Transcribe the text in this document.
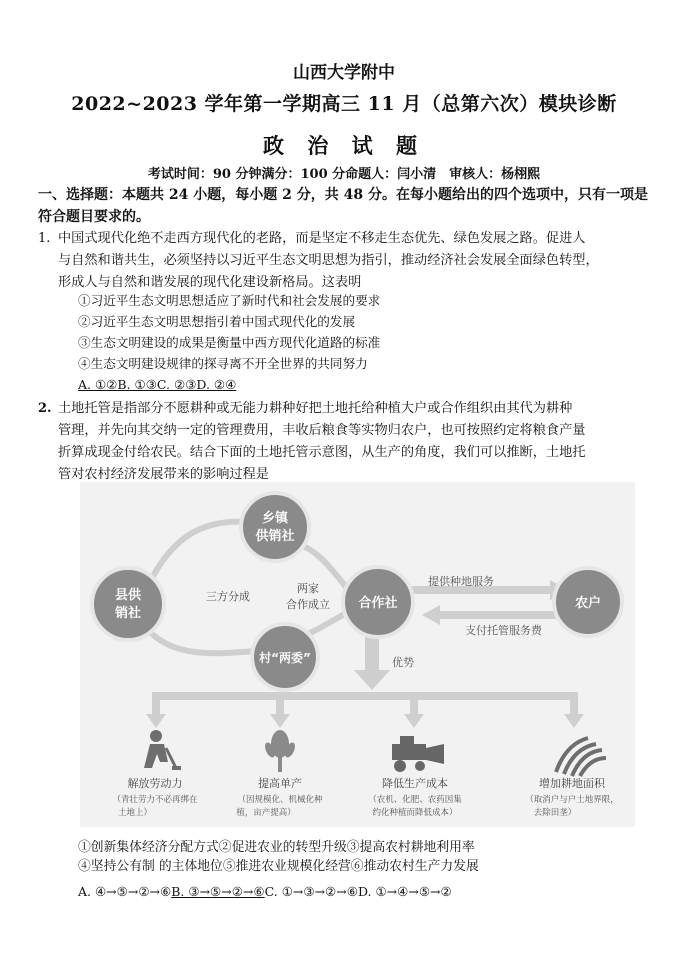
山西大学附中
2022~2023 学年第一学期高三 11 月（总第六次）模块诊断
政 治 试 题
考试时间：90 分钟满分：100 分命题人：闫小清　审核人：杨栩熙
一、选择题：本题共 24 小题，每小题 2 分，共 48 分。在每小题给出的四个选项中，只有一项是符合题目要求的。
1. 中国式现代化绝不走西方现代化的老路，而是坚定不移走生态优先、绿色发展之路。促进人
与自然和谐共生，必须坚持以习近平生态文明思想为指引，推动经济社会发展全面绿色转型，
形成人与自然和谐发展的现代化建设新格局。这表明
①习近平生态文明思想适应了新时代和社会发展的要求
②习近平生态文明思想指引着中国式现代化的发展
③生态文明建设的成果是衡量中西方现代化道路的标准
④生态文明建设规律的探寻离不开全世界的共同努力
A. ①②B. ①③C. ②③D. ②④
2. 土地托管是指部分不愿耕种或无能力耕种好把土地托给种植大户或合作组织由其代为耕种
管理，并先向其交纳一定的管理费用，丰收后粮食等实物归农户，也可按照约定将粮食产量
折算成现金付给农民。结合下面的土地托管示意图，从生产的角度，我们可以推断，土地托
管对农村经济发展带来的影响过程是
乡镇
供销社
县供
销社
村“两委”
合作社	农户
三方分成
两家
合作成立
提供种地服务
支付托管服务费
优势
解放劳动力
（青壮劳力不必再绑在
土地上）
提高单产
（因规模化、机械化种
植，亩产提高）
降低生产成本
（农机、化肥、农药因集
约化种植而降低成本）
增加耕地面积
（取消户与户土地界限，
去除田垄）
①创新集体经济分配方式②促进农业的转型升级③提高农村耕地利用率
④坚持公有制 的主体地位⑤推进农业规模化经营⑥推动农村生产力发展
A. ④→⑤→②→⑥B. ③→⑤→②→⑥C. ①→③→②→⑥D. ①→④→⑤→②
